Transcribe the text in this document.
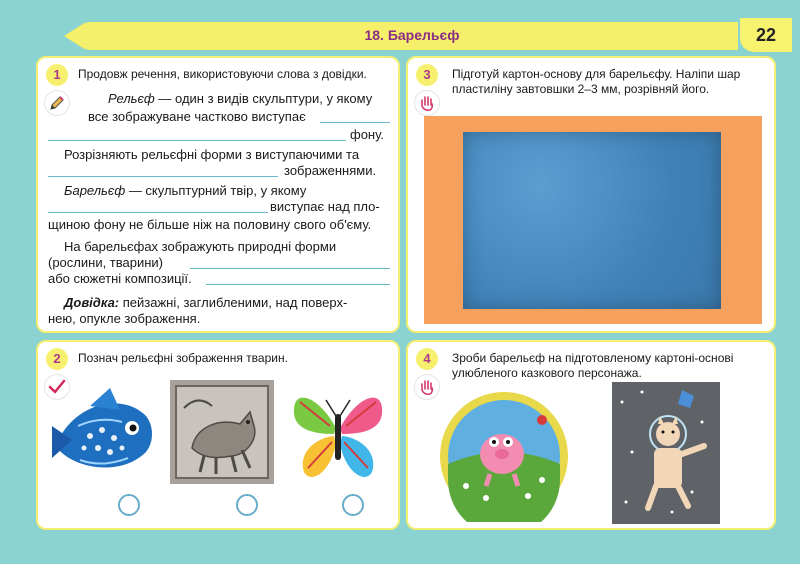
18. Барельєф	22
1	Продовж речення, використовуючи слова з довідки.
Рельєф — один з видів скульптури, у якому
все зображуване частково виступає
фону.
Розрізняють рельєфні форми з виступаючими та
зображеннями.
Барельєф — скульптурний твір, у якому
виступає над пло-
щиною фону не більше ніж на половину свого об'єму.
На барельєфах зображують природні форми
(рослини, тварини)
або сюжетні композиції.
Довідка: пейзажні, заглибленими, над поверх-
нею, опукле зображення.
2	Познач рельєфні зображення тварин.
3	Підготуй картон-основу для барельєфу. Наліпи шар
пластиліну завтовшки 2–3 мм, розрівняй його.
4	Зроби барельєф на підготовленому картоні-основі
улюбленого казкового персонажа.
